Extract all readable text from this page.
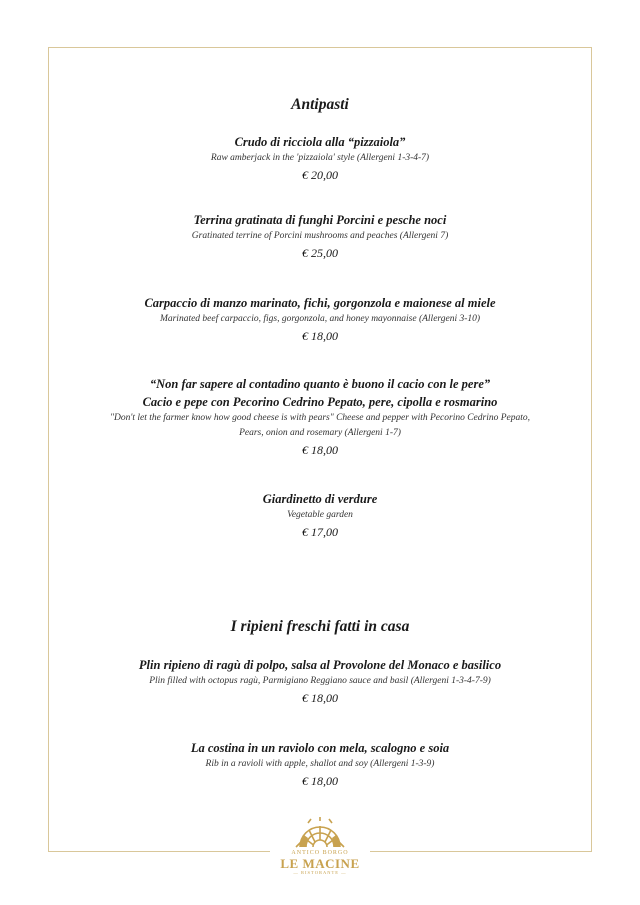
Antipasti
Crudo di ricciola alla “pizzaiola”
Raw amberjack in the 'pizzaiola' style (Allergeni 1-3-4-7)
€ 20,00
Terrina gratinata di funghi Porcini e pesche noci
Gratinated terrine of Porcini mushrooms and peaches (Allergeni 7)
€ 25,00
Carpaccio di manzo marinato, fichi, gorgonzola e maionese al miele
Marinated beef carpaccio, figs, gorgonzola, and honey mayonnaise (Allergeni 3-10)
€ 18,00
“Non far sapere al contadino quanto è buono il cacio con le pere”
Cacio e pepe con Pecorino Cedrino Pepato, pere, cipolla e rosmarino
"Don't let the farmer know how good cheese is with pears" Cheese and pepper with Pecorino Cedrino Pepato,
Pears, onion and rosemary (Allergeni 1-7)
€ 18,00
Giardinetto di verdure
Vegetable garden
€ 17,00
I ripieni freschi fatti in casa
Plin ripieno di ragù di polpo, salsa al Provolone del Monaco e basilico
Plin filled with octopus ragù, Parmigiano Reggiano sauce and basil (Allergeni 1-3-4-7-9)
€ 18,00
La costina in un raviolo con mela, scalogno e soia
Rib in a ravioli with apple, shallot and soy (Allergeni 1-3-9)
€ 18,00
ANTICO BORGO
LE MACINE
— RISTORANTE —
